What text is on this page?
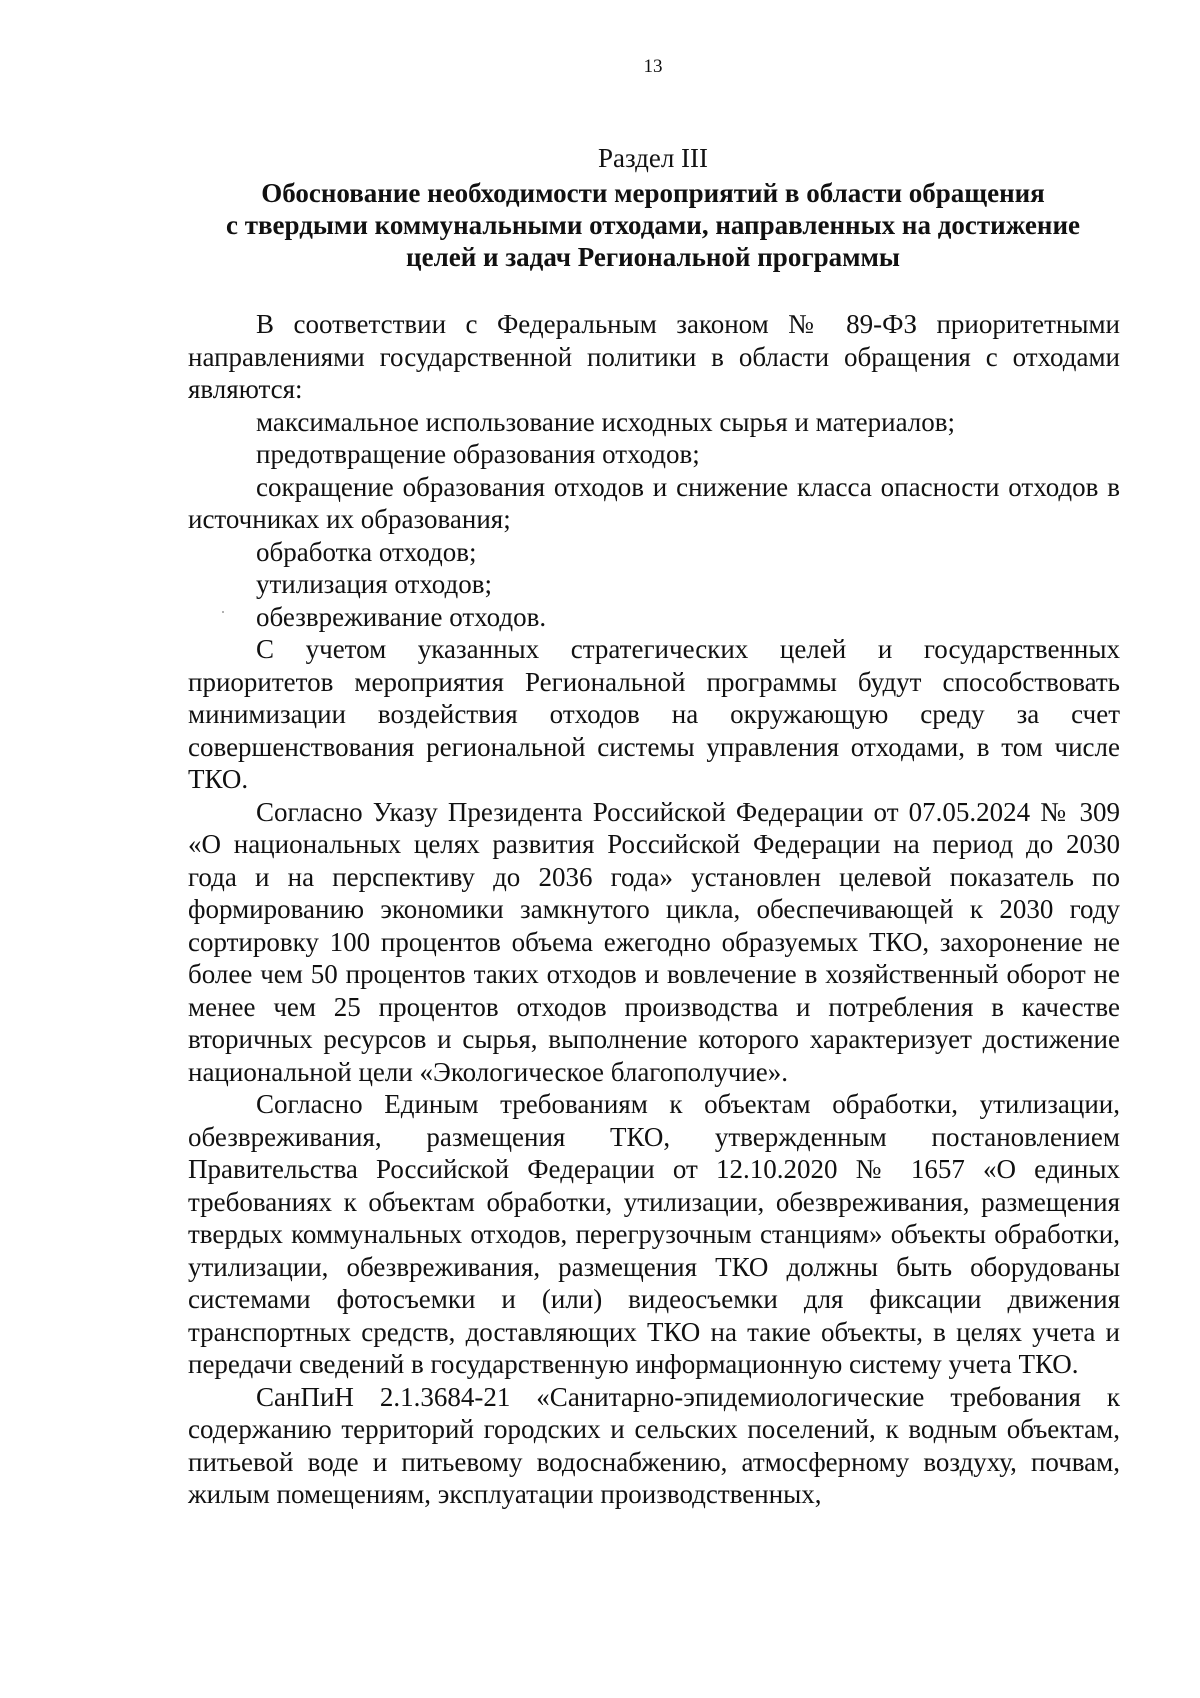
13
Раздел III
Обоснование необходимости мероприятий в области обращения
с твердыми коммунальными отходами, направленных на достижение
целей и задач Региональной программы

В соответствии с Федеральным законом № 89-ФЗ приоритетными направлениями государственной политики в области обращения с отходами являются:

максимальное использование исходных сырья и материалов;

предотвращение образования отходов;

сокращение образования отходов и снижение класса опасности отходов в источниках их образования;

обработка отходов;

утилизация отходов;

обезвреживание отходов.

С учетом указанных стратегических целей и государственных приоритетов мероприятия Региональной программы будут способствовать минимизации воздействия отходов на окружающую среду за счет совершенствования региональной системы управления отходами, в том числе ТКО.

Согласно Указу Президента Российской Федерации от 07.05.2024 № 309 «О национальных целях развития Российской Федерации на период до 2030 года и на перспективу до 2036 года» установлен целевой показатель по формированию экономики замкнутого цикла, обеспечивающей к 2030 году сортировку 100 процентов объема ежегодно образуемых ТКО, захоронение не более чем 50 процентов таких отходов и вовлечение в хозяйственный оборот не менее чем 25 процентов отходов производства и потребления в качестве вторичных ресурсов и сырья, выполнение которого характеризует достижение национальной цели «Экологическое благополучие».

Согласно Единым требованиям к объектам обработки, утилизации, обезвреживания, размещения ТКО, утвержденным постановлением Правительства Российской Федерации от 12.10.2020 № 1657 «О единых требованиях к объектам обработки, утилизации, обезвреживания, размещения твердых коммунальных отходов, перегрузочным станциям» объекты обработки, утилизации, обезвреживания, размещения ТКО должны быть оборудованы системами фотосъемки и (или) видеосъемки для фиксации движения транспортных средств, доставляющих ТКО на такие объекты, в целях учета и передачи сведений в государственную информационную систему учета ТКО.

СанПиН 2.1.3684-21 «Санитарно-эпидемиологические требования к содержанию территорий городских и сельских поселений, к водным объектам, питьевой воде и питьевому водоснабжению, атмосферному воздуху, почвам, жилым помещениям, эксплуатации производственных,
